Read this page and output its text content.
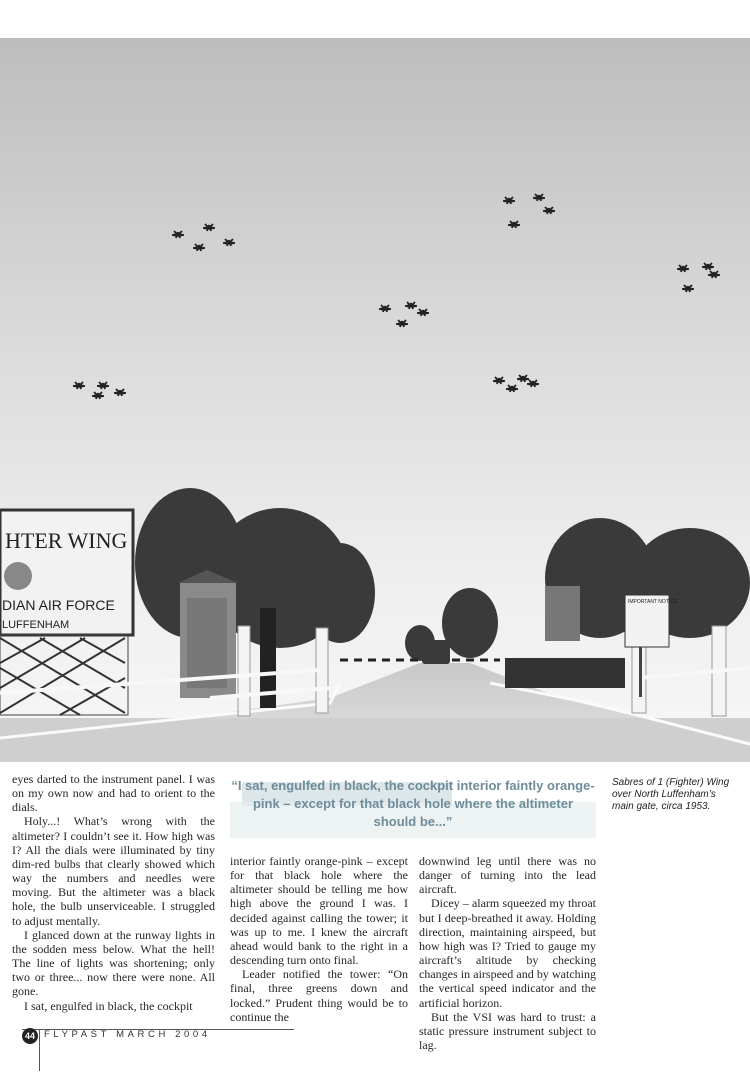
HTER WING
DIAN AIR FORCE
LUFFENHAM
IMPORTANT NOTICE
“I sat, engulfed in black, the cockpit interior faintly orange-pink – except for that black hole where the altimeter should be...”
Sabres of 1 (Fighter) Wing over North Luffenham’s main gate, circa 1953.

eyes darted to the instrument panel. I was on my own now and had to orient to the dials.

Holy...! What’s wrong with the altimeter? I couldn’t see it. How high was I? All the dials were illuminated by tiny dim-red bulbs that clearly showed which way the numbers and needles were moving. But the altimeter was a black hole, the bulb unserviceable. I struggled to adjust mentally.

I glanced down at the runway lights in the sodden mess below. What the hell! The line of lights was shortening; only two or three... now there were none. All gone.

I sat, engulfed in black, the cockpit

interior faintly orange-pink – except for that black hole where the altimeter should be telling me how high above the ground I was. I decided against calling the tower; it was up to me. I knew the aircraft ahead would bank to the right in a descending turn onto final.

Leader notified the tower: “On final, three greens down and locked.” Prudent thing would be to continue the

downwind leg until there was no danger of turning into the lead aircraft.

Dicey – alarm squeezed my throat but I deep-breathed it away. Holding direction, maintaining airspeed, but how high was I? Tried to gauge my aircraft’s altitude by checking changes in airspeed and by watching the vertical speed indicator and the artificial horizon.

But the VSI was hard to trust: a static pressure instrument subject to lag.

44 FLYPAST MARCH 2004
